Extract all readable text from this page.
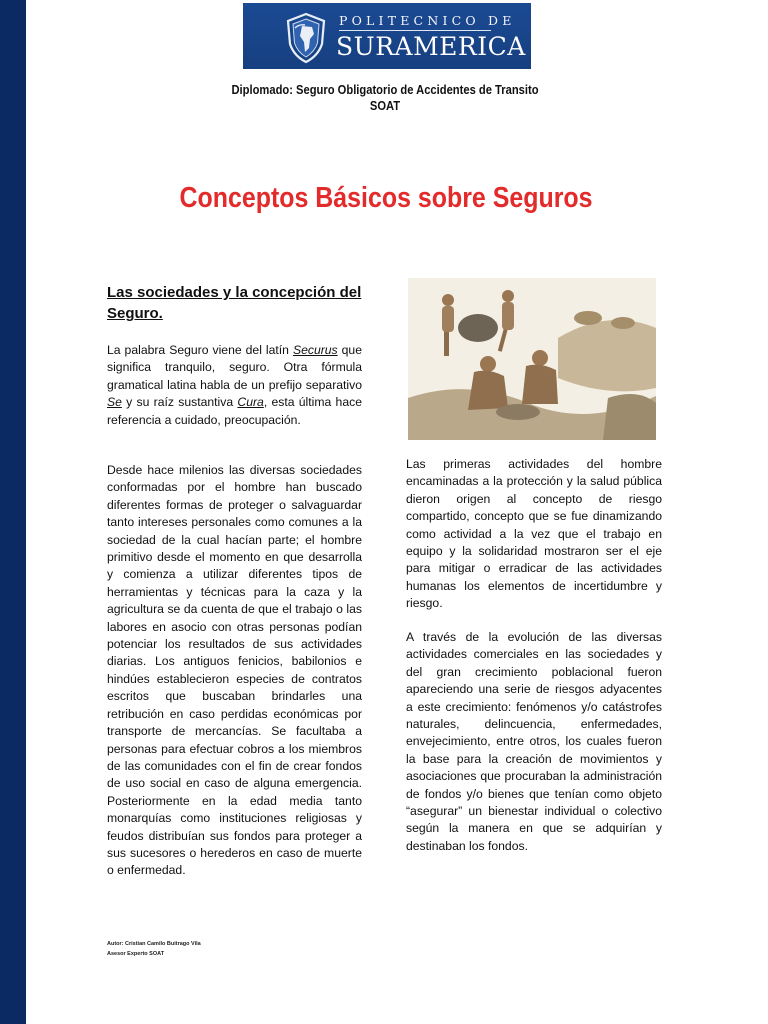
POLITECNICO DE
SURAMERICA
Diplomado: Seguro Obligatorio de Accidentes de Transito
SOAT
Conceptos Básicos sobre Seguros
Las sociedades y la concepción del Seguro.
La palabra Seguro viene del latín Securus que significa tranquilo, seguro. Otra fórmula gramatical latina habla de un prefijo separativo Se y su raíz sustantiva Cura, esta última hace referencia a cuidado, preocupación.
Desde hace milenios las diversas sociedades conformadas por el hombre han buscado diferentes formas de proteger o salvaguardar tanto intereses personales como comunes a la sociedad de la cual hacían parte; el hombre primitivo desde el momento en que desarrolla y comienza a utilizar diferentes tipos de herramientas y técnicas para la caza y la agricultura se da cuenta de que el trabajo o las labores en asocio con otras personas podían potenciar los resultados de sus actividades diarias. Los antiguos fenicios, babilonios e hindúes establecieron especies de contratos escritos que buscaban brindarles una retribución en caso perdidas económicas por transporte de mercancías. Se facultaba a personas para efectuar cobros a los miembros de las comunidades con el fin de crear fondos de uso social en caso de alguna emergencia. Posteriormente en la edad media tanto monarquías como instituciones religiosas y feudos distribuían sus fondos para proteger a sus sucesores o herederos en caso de muerte o enfermedad.
Las primeras actividades del hombre encaminadas a la protección y la salud pública dieron origen al concepto de riesgo compartido, concepto que se fue dinamizando como actividad a la vez que el trabajo en equipo y la solidaridad mostraron ser el eje para mitigar o erradicar de las actividades humanas los elementos de incertidumbre y riesgo.
A través de la evolución de las diversas actividades comerciales en las sociedades y del gran crecimiento poblacional fueron apareciendo una serie de riesgos adyacentes a este crecimiento: fenómenos y/o catástrofes naturales, delincuencia, enfermedades, envejecimiento, entre otros, los cuales fueron la base para la creación de movimientos y asociaciones que procuraban la administración de fondos y/o bienes que tenían como objeto “asegurar” un bienestar individual o colectivo según la manera en que se adquirían y destinaban los fondos.
Autor: Cristian Camilo Buitrago Vila
Asesor Experto SOAT
